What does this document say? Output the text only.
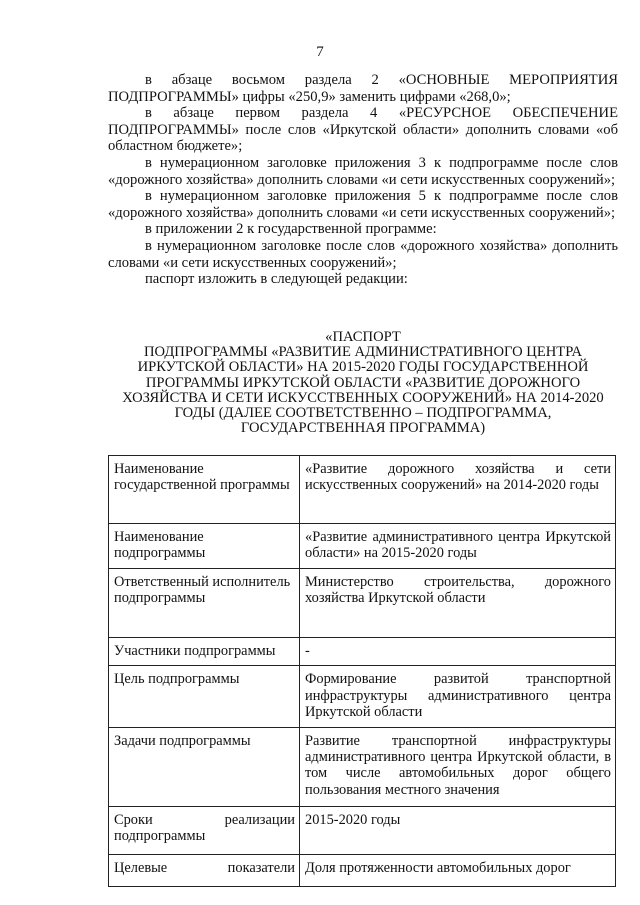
7

в абзаце восьмом раздела 2 «ОСНОВНЫЕ МЕРОПРИЯТИЯ ПОДПРОГРАММЫ» цифры «250,9» заменить цифрами «268,0»;

в абзаце первом раздела 4 «РЕСУРСНОЕ ОБЕСПЕЧЕНИЕ ПОДПРОГРАММЫ» после слов «Иркутской области» дополнить словами «об областном бюджете»;

в нумерационном заголовке приложения 3 к подпрограмме после слов «дорожного хозяйства» дополнить словами «и сети искусственных сооружений»;

в нумерационном заголовке приложения 5 к подпрограмме после слов «дорожного хозяйства» дополнить словами «и сети искусственных сооружений»;

в приложении 2 к государственной программе:

в нумерационном заголовке после слов «дорожного хозяйства» дополнить словами «и сети искусственных сооружений»;

паспорт изложить в следующей редакции:

«ПАСПОРТ

ПОДПРОГРАММЫ «РАЗВИТИЕ АДМИНИСТРАТИВНОГО ЦЕНТРА ИРКУТСКОЙ ОБЛАСТИ» НА 2015-2020 ГОДЫ ГОСУДАРСТВЕННОЙ ПРОГРАММЫ ИРКУТСКОЙ ОБЛАСТИ «РАЗВИТИЕ ДОРОЖНОГО ХОЗЯЙСТВА И СЕТИ ИСКУССТВЕННЫХ СООРУЖЕНИЙ» НА 2014-2020 ГОДЫ (ДАЛЕЕ СООТВЕТСТВЕННО – ПОДПРОГРАММА, ГОСУДАРСТВЕННАЯ ПРОГРАММА)

Наименование государственной программы	«Развитие дорожного хозяйства и сети искусственных сооружений» на 2014-2020 годы
Наименование подпрограммы	«Развитие административного центра Иркутской области» на 2015-2020 годы
Ответственный исполнитель подпрограммы	Министерство строительства, дорожного хозяйства Иркутской области
Участники подпрограммы	-
Цель подпрограммы	Формирование развитой транспортной инфраструктуры административного центра Иркутской области
Задачи подпрограммы	Развитие транспортной инфраструктуры административного центра Иркутской области, в том числе автомобильных дорог общего пользования местного значения
Сроки реализации подпрограммы	2015-2020 годы
Целевые показатели	Доля протяженности автомобильных дорог
